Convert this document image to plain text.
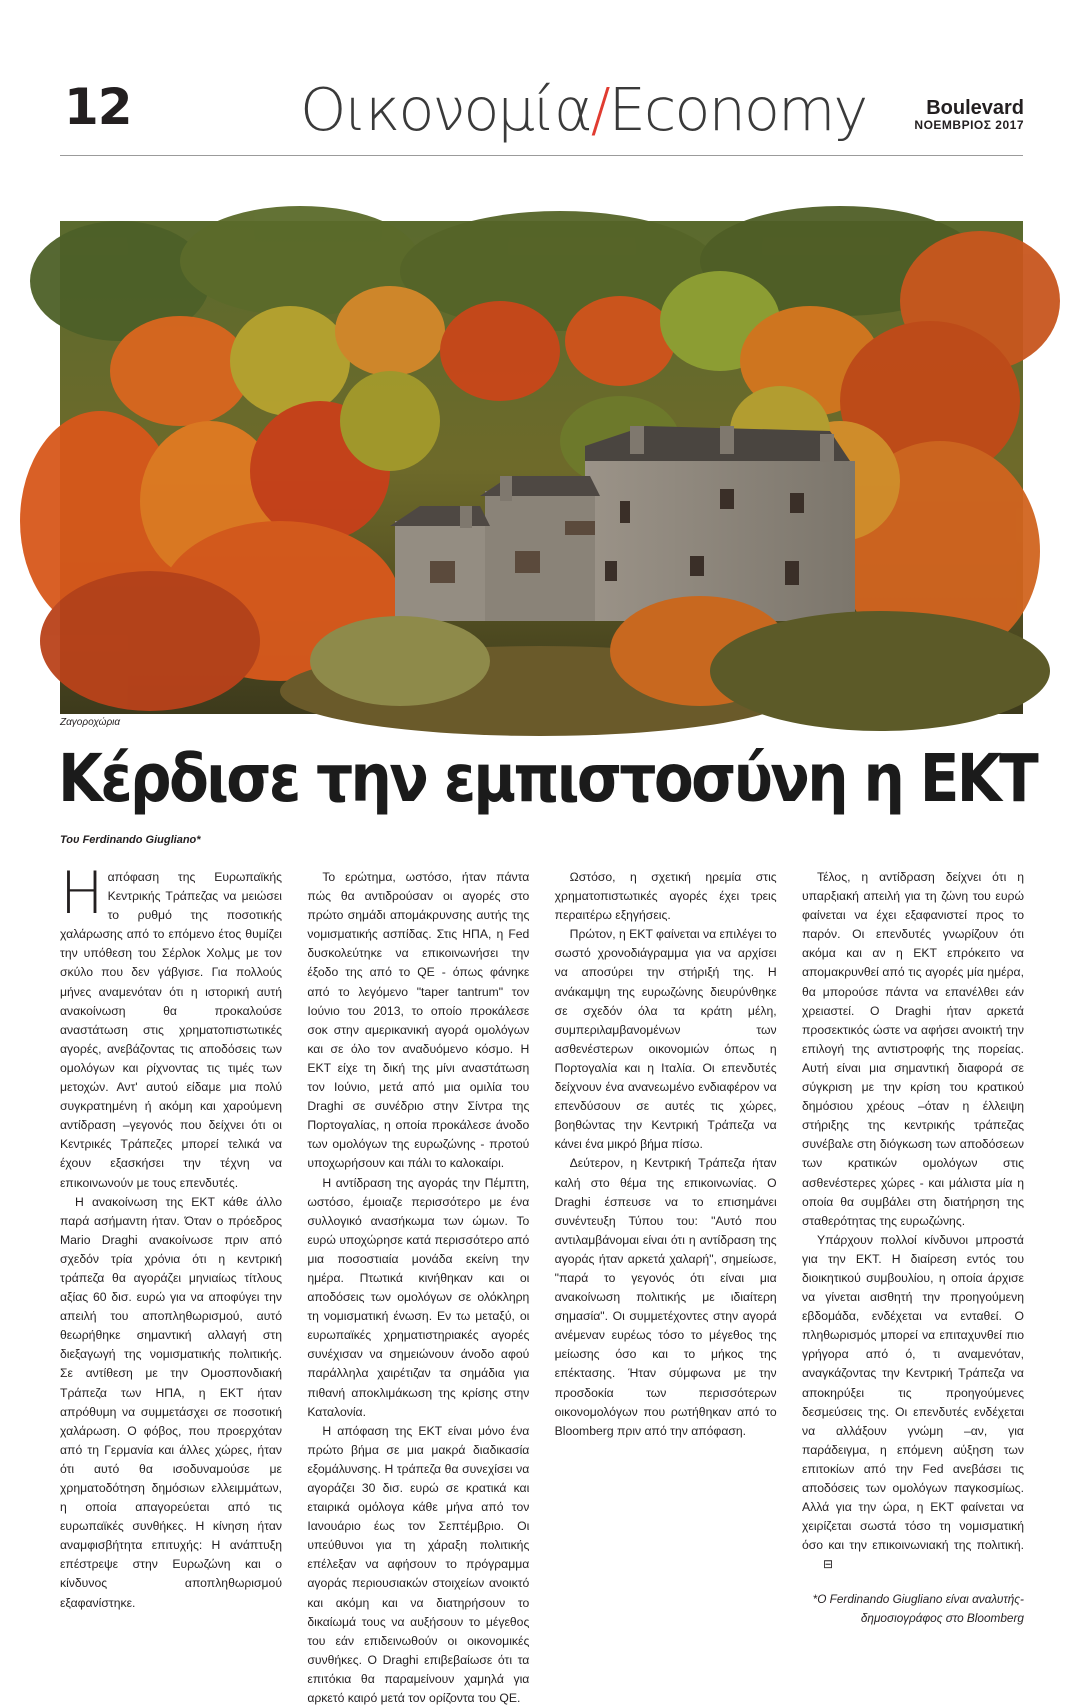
12	Οικονομία/Economy	Boulevard
ΝΟΕΜΒΡΙΟΣ 2017
Ζαγοροχώρια
Κέρδισε την εμπιστοσύνη η ΕΚΤ
Του Ferdinando Giugliano*

Ηαπόφαση της Ευρωπαϊκής Κεντρικής Τράπεζας να μειώσει το ρυθμό της ποσοτικής χαλάρωσης από το επόμενο έτος θυμίζει την υπόθεση του Σέρλοκ Χολμς με τον σκύλο που δεν γάβγισε. Για πολλούς μήνες αναμενόταν ότι η ιστορική αυτή ανακοίνωση θα προκαλούσε αναστάτωση στις χρηματοπιστωτικές αγορές, ανεβάζοντας τις αποδόσεις των ομολόγων και ρίχνοντας τις τιμές των μετοχών. Αντ' αυτού είδαμε μια πολύ συγκρατημένη ή ακόμη και χαρούμενη αντίδραση –γεγονός που δείχνει ότι οι Κεντρικές Τράπεζες μπορεί τελικά να έχουν εξασκήσει την τέχνη να επικοινωνούν με τους επενδυτές.

Η ανακοίνωση της ΕΚΤ κάθε άλλο παρά ασήμαντη ήταν. Όταν ο πρόεδρος Mario Draghi ανακοίνωσε πριν από σχεδόν τρία χρόνια ότι η κεντρική τράπεζα θα αγοράζει μηνιαίως τίτλους αξίας 60 δισ. ευρώ για να αποφύγει την απειλή του αποπληθωρισμού, αυτό θεωρήθηκε σημαντική αλλαγή στη διεξαγωγή της νομισματικής πολιτικής. Σε αντίθεση με την Ομοσπονδιακή Τράπεζα των ΗΠΑ, η ΕΚΤ ήταν απρόθυμη να συμμετάσχει σε ποσοτική χαλάρωση. Ο φόβος, που προερχόταν από τη Γερμανία και άλλες χώρες, ήταν ότι αυτό θα ισοδυναμούσε με χρηματοδότηση δημόσιων ελλειμμάτων, η οποία απαγορεύεται από τις ευρωπαϊκές συνθήκες. Η κίνηση ήταν αναμφισβήτητα επιτυχής: Η ανάπτυξη επέστρεψε στην Ευρωζώνη και ο κίνδυνος αποπληθωρισμού εξαφανίστηκε.

Το ερώτημα, ωστόσο, ήταν πάντα πώς θα αντιδρούσαν οι αγορές στο πρώτο σημάδι απομάκρυνσης αυτής της νομισματικής ασπίδας. Στις ΗΠΑ, η Fed δυσκολεύτηκε να επικοινωνήσει την έξοδο της από το QE - όπως φάνηκε από το λεγόμενο "taper tantrum" τον Ιούνιο του 2013, το οποίο προκάλεσε σοκ στην αμερικανική αγορά ομολόγων και σε όλο τον αναδυόμενο κόσμο. Η ΕΚΤ είχε τη δική της μίνι αναστάτωση τον Ιούνιο, μετά από μια ομιλία του Draghi σε συνέδριο στην Σίντρα της Πορτογαλίας, η οποία προκάλεσε άνοδο των ομολόγων της ευρωζώνης - προτού υποχωρήσουν και πάλι το καλοκαίρι.

Η αντίδραση της αγοράς την Πέμπτη, ωστόσο, έμοιαζε περισσότερο με ένα συλλογικό ανασήκωμα των ώμων. Το ευρώ υποχώρησε κατά περισσότερο από μια ποσοστιαία μονάδα εκείνη την ημέρα. Πτωτικά κινήθηκαν και οι αποδόσεις των ομολόγων σε ολόκληρη τη νομισματική ένωση. Εν τω μεταξύ, οι ευρωπαϊκές χρηματιστηριακές αγορές συνέχισαν να σημειώνουν άνοδο αφού παράλληλα χαιρέτιζαν τα σημάδια για πιθανή αποκλιμάκωση της κρίσης στην Καταλονία.

Η απόφαση της ΕΚΤ είναι μόνο ένα πρώτο βήμα σε μια μακρά διαδικασία εξομάλυνσης. Η τράπεζα θα συνεχίσει να αγοράζει 30 δισ. ευρώ σε κρατικά και εταιρικά ομόλογα κάθε μήνα από τον Ιανουάριο έως τον Σεπτέμβριο. Οι υπεύθυνοι για τη χάραξη πολιτικής επέλεξαν να αφήσουν το πρόγραμμα αγοράς περιουσιακών στοιχείων ανοικτό και ακόμη και να διατηρήσουν το δικαίωμά τους να αυξήσουν το μέγεθος του εάν επιδεινωθούν οι οικονομικές συνθήκες. Ο Draghi επιβεβαίωσε ότι τα επιτόκια θα παραμείνουν χαμηλά για αρκετό καιρό μετά τον ορίζοντα του QE.

Ωστόσο, η σχετική ηρεμία στις χρηματοπιστωτικές αγορές έχει τρεις περαιτέρω εξηγήσεις.

Πρώτον, η ΕΚΤ φαίνεται να επιλέγει το σωστό χρονοδιάγραμμα για να αρχίσει να αποσύρει την στήριξή της. Η ανάκαμψη της ευρωζώνης διευρύνθηκε σε σχεδόν όλα τα κράτη μέλη, συμπεριλαμβανομένων των ασθενέστερων οικονομιών όπως η Πορτογαλία και η Ιταλία. Οι επενδυτές δείχνουν ένα ανανεωμένο ενδιαφέρον να επενδύσουν σε αυτές τις χώρες, βοηθώντας την Κεντρική Τράπεζα να κάνει ένα μικρό βήμα πίσω.

Δεύτερον, η Κεντρική Τράπεζα ήταν καλή στο θέμα της επικοινωνίας. Ο Draghi έσπευσε να το επισημάνει συνέντευξη Τύπου του: "Αυτό που αντιλαμβάνομαι είναι ότι η αντίδραση της αγοράς ήταν αρκετά χαλαρή", σημείωσε, "παρά το γεγονός ότι είναι μια ανακοίνωση πολιτικής με ιδιαίτερη σημασία". Οι συμμετέχοντες στην αγορά ανέμεναν ευρέως τόσο το μέγεθος της μείωσης όσο και το μήκος της επέκτασης. Ήταν σύμφωνα με την προσδοκία των περισσότερων οικονομολόγων που ρωτήθηκαν από το Bloomberg πριν από την απόφαση.

Τέλος, η αντίδραση δείχνει ότι η υπαρξιακή απειλή για τη ζώνη του ευρώ φαίνεται να έχει εξαφανιστεί προς το παρόν. Οι επενδυτές γνωρίζουν ότι ακόμα και αν η ΕΚΤ επρόκειτο να απομακρυνθεί από τις αγορές μία ημέρα, θα μπορούσε πάντα να επανέλθει εάν χρειαστεί. Ο Draghi ήταν αρκετά προσεκτικός ώστε να αφήσει ανοικτή την επιλογή της αντιστροφής της πορείας. Αυτή είναι μια σημαντική διαφορά σε σύγκριση με την κρίση του κρατικού δημόσιου χρέους –όταν η έλλειψη στήριξης της κεντρικής τράπεζας συνέβαλε στη διόγκωση των αποδόσεων των κρατικών ομολόγων στις ασθενέστερες χώρες - και μάλιστα μία η οποία θα συμβάλει στη διατήρηση της σταθερότητας της ευρωζώνης.

Υπάρχουν πολλοί κίνδυνοι μπροστά για την ΕΚΤ. Η διαίρεση εντός του διοικητικού συμβουλίου, η οποία άρχισε να γίνεται αισθητή την προηγούμενη εβδομάδα, ενδέχεται να ενταθεί. Ο πληθωρισμός μπορεί να επιταχυνθεί πιο γρήγορα από ό, τι αναμενόταν, αναγκάζοντας την Κεντρική Τράπεζα να αποκηρύξει τις προηγούμενες δεσμεύσεις της. Οι επενδυτές ενδέχεται να αλλάξουν γνώμη –αν, για παράδειγμα, η επόμενη αύξηση των επιτοκίων από την Fed ανεβάσει τις αποδόσεις των ομολόγων παγκοσμίως. Αλλά για την ώρα, η ΕΚΤ φαίνεται να χειρίζεται σωστά τόσο τη νομισματική όσο και την επικοινωνιακή της πολιτική.⊟

*O Ferdinando Giugliano είναι αναλυτής-δημοσιογράφος στο Bloomberg
